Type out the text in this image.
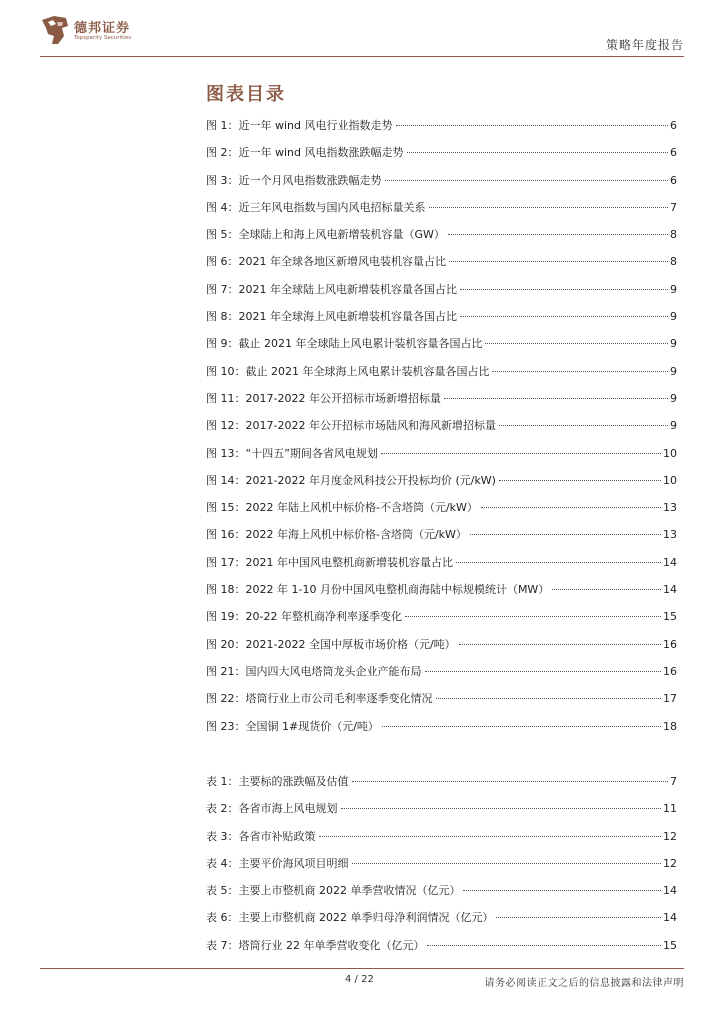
德邦证券
Topsperity Securities	策略年度报告
图表目录
图 1：近一年 wind 风电行业指数走势	6
图 2：近一年 wind 风电指数涨跌幅走势	6
图 3：近一个月风电指数涨跌幅走势	6
图 4：近三年风电指数与国内风电招标量关系	7
图 5：全球陆上和海上风电新增装机容量（GW）	8
图 6：2021 年全球各地区新增风电装机容量占比	8
图 7：2021 年全球陆上风电新增装机容量各国占比	9
图 8：2021 年全球海上风电新增装机容量各国占比	9
图 9：截止 2021 年全球陆上风电累计装机容量各国占比	9
图 10：截止 2021 年全球海上风电累计装机容量各国占比	9
图 11：2017-2022 年公开招标市场新增招标量	9
图 12：2017-2022 年公开招标市场陆风和海风新增招标量	9
图 13：“十四五”期间各省风电规划	10
图 14：2021-2022 年月度金风科技公开投标均价 (元/kW)	10
图 15：2022 年陆上风机中标价格-不含塔筒（元/kW）	13
图 16：2022 年海上风机中标价格-含塔筒（元/kW）	13
图 17：2021 年中国风电整机商新增装机容量占比	14
图 18：2022 年 1-10 月份中国风电整机商海陆中标规模统计（MW）	14
图 19：20-22 年整机商净利率逐季变化	15
图 20：2021-2022 全国中厚板市场价格（元/吨）	16
图 21：国内四大风电塔筒龙头企业产能布局	16
图 22：塔筒行业上市公司毛利率逐季变化情况	17
图 23：全国铜 1#现货价（元/吨）	18
表 1：主要标的涨跌幅及估值	7
表 2：各省市海上风电规划	11
表 3：各省市补贴政策	12
表 4：主要平价海风项目明细	12
表 5：主要上市整机商 2022 单季营收情况（亿元）	14
表 6：主要上市整机商 2022 单季归母净利润情况（亿元）	14
表 7：塔筒行业 22 年单季营收变化（亿元）	15
4 / 22	请务必阅读正文之后的信息披露和法律声明
